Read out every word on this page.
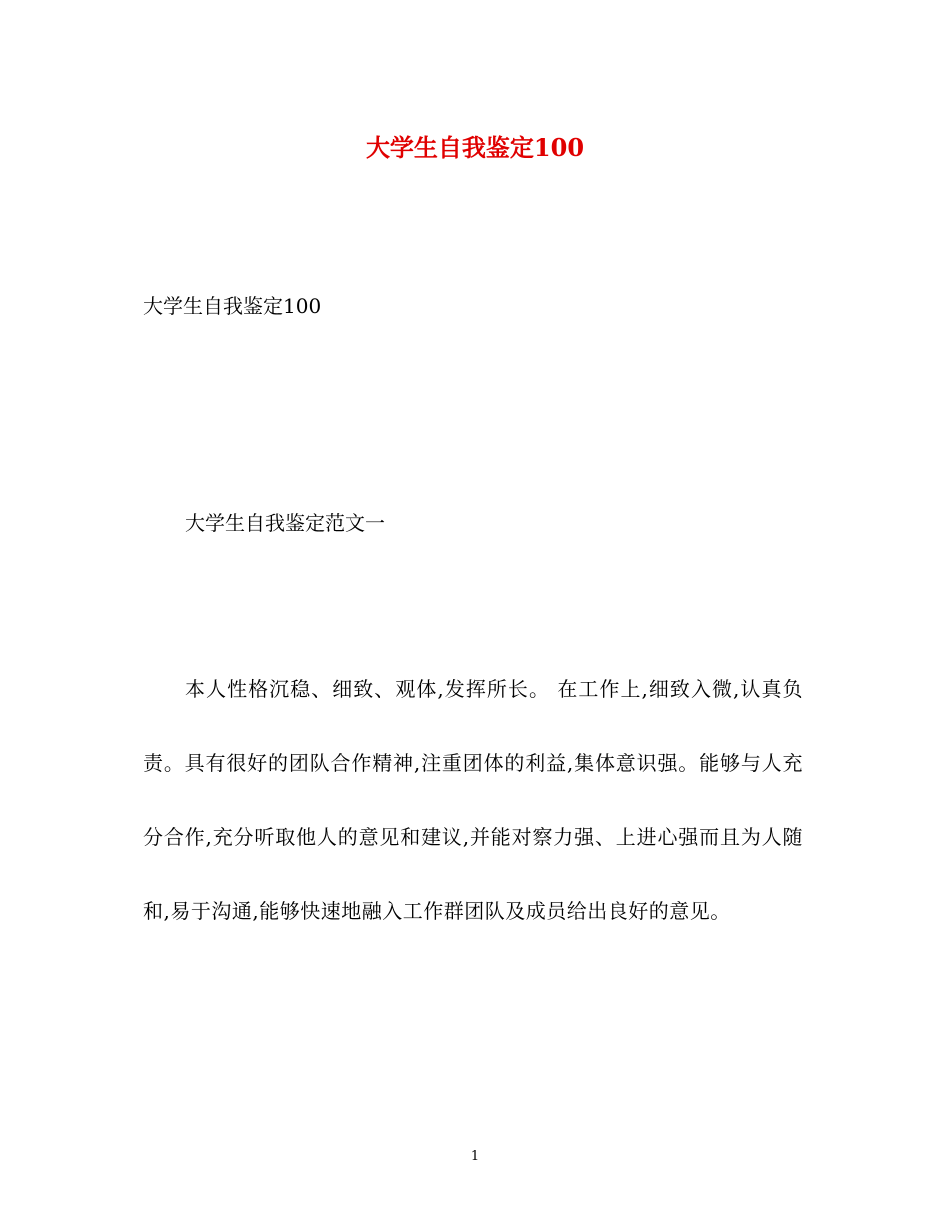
大学生自我鉴定100
大学生自我鉴定100
大学生自我鉴定范文一

本人性格沉稳、细致、观体,发挥所长。 在工作上,细致入微,认真负责。具有很好的团队合作精神,注重团体的利益,集体意识强。能够与人充分合作,充分听取他人的意见和建议,并能对察力强、上进心强而且为人随和,易于沟通,能够快速地融入工作群团队及成员给出良好的意见。

1
